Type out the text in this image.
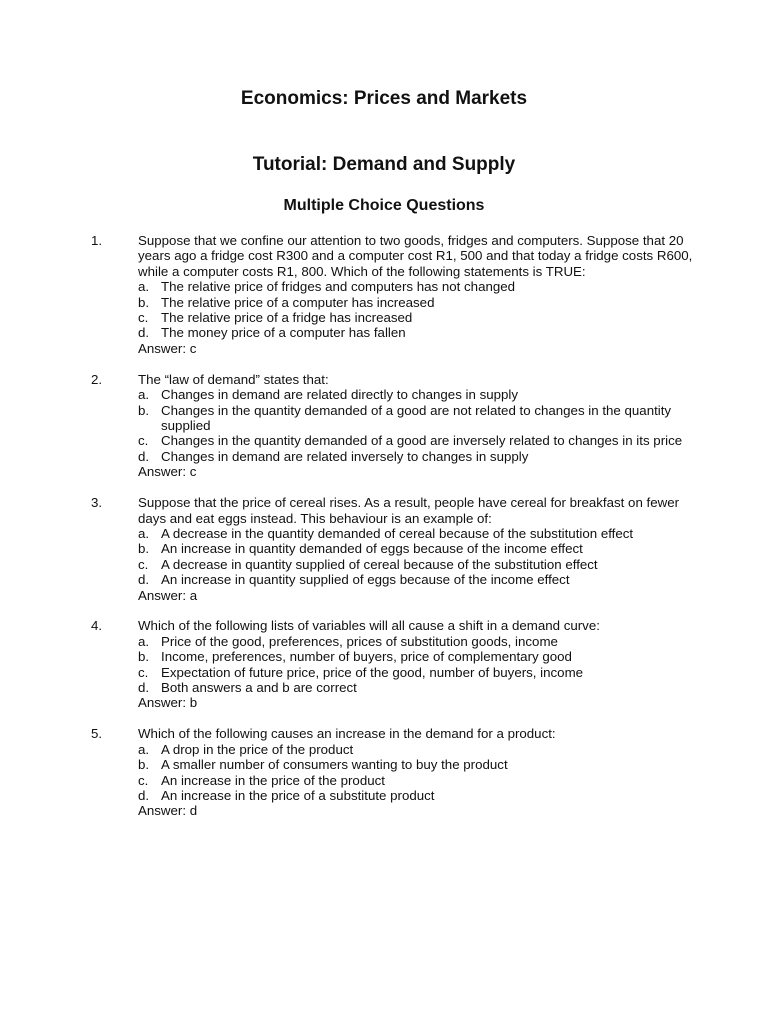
Economics: Prices and Markets
Tutorial: Demand and Supply
Multiple Choice Questions
1.	Suppose that we confine our attention to two goods, fridges and computers. Suppose that 20 years ago a fridge cost R300 and a computer cost R1, 500 and that today a fridge costs R600, while a computer costs R1, 800. Which of the following statements is TRUE:
a. The relative price of fridges and computers has not changed
b. The relative price of a computer has increased
c. The relative price of a fridge has increased
d. The money price of a computer has fallen
Answer: c
2.	The “law of demand” states that:
a. Changes in demand are related directly to changes in supply
b. Changes in the quantity demanded of a good are not related to changes in the quantity supplied
c. Changes in the quantity demanded of a good are inversely related to changes in its price
d. Changes in demand are related inversely to changes in supply
Answer: c
3.	Suppose that the price of cereal rises. As a result, people have cereal for breakfast on fewer days and eat eggs instead. This behaviour is an example of:
a. A decrease in the quantity demanded of cereal because of the substitution effect
b. An increase in quantity demanded of eggs because of the income effect
c. A decrease in quantity supplied of cereal because of the substitution effect
d. An increase in quantity supplied of eggs because of the income effect
Answer: a
4.	Which of the following lists of variables will all cause a shift in a demand curve:
a. Price of the good, preferences, prices of substitution goods, income
b. Income, preferences, number of buyers, price of complementary good
c. Expectation of future price, price of the good, number of buyers, income
d. Both answers a and b are correct
Answer: b
5.	Which of the following causes an increase in the demand for a product:
a. A drop in the price of the product
b. A smaller number of consumers wanting to buy the product
c. An increase in the price of the product
d. An increase in the price of a substitute product
Answer: d
